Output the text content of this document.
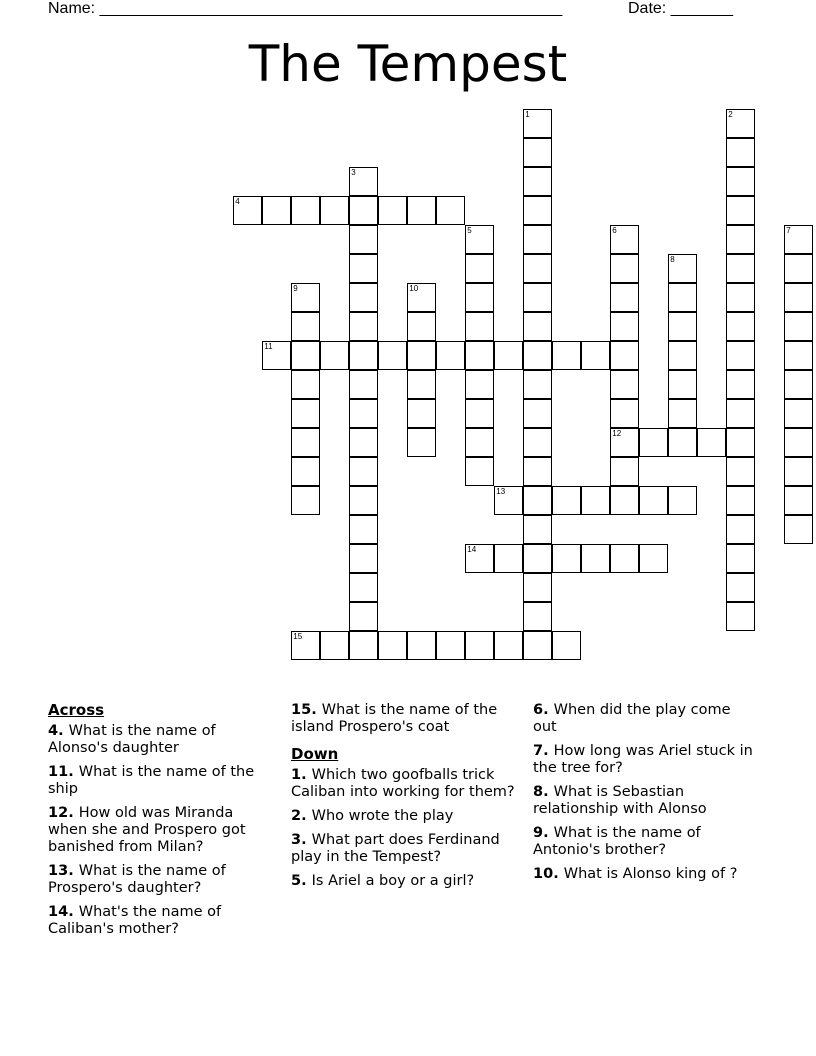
Name: ____________________________________________________	Date: _______
The Tempest
1	2
3
4
5	6
12
7
8
9	10
11
13
14
15
Across
4. What is the name of Alonso's daughter
11. What is the name of the ship
12. How old was Miranda when she and Prospero got banished from Milan?
13. What is the name of Prospero's daughter?
14. What's the name of Caliban's mother?
15. What is the name of the island Prospero's coat
Down
1. Which two goofballs trick Caliban into working for them?
2. Who wrote the play
3. What part does Ferdinand play in the Tempest?
5. Is Ariel a boy or a girl?
6. When did the play come out
7. How long was Ariel stuck in the tree for?
8. What is Sebastian relationship with Alonso
9. What is the name of Antonio's brother?
10. What is Alonso king of ?
